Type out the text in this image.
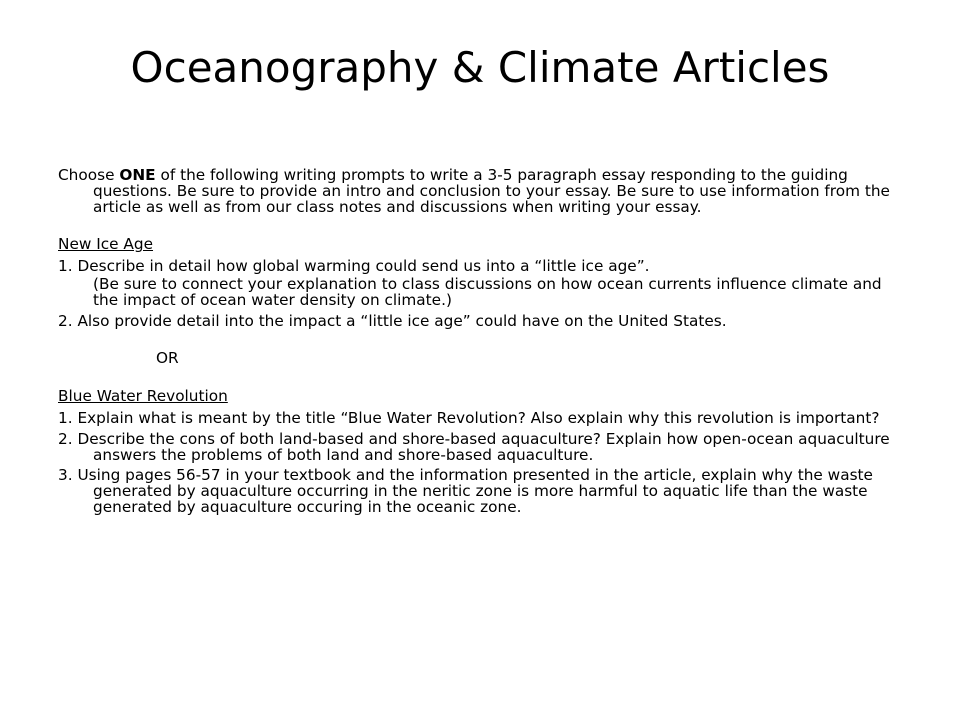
Oceanography & Climate Articles

Choose ONE of the following writing prompts to write a 3-5 paragraph essay responding to the guiding questions. Be sure to provide an intro and conclusion to your essay. Be sure to use information from the article as well as from our class notes and discussions when writing your essay.

New Ice Age

1. Describe in detail how global warming could send us into a “little ice age”.

(Be sure to connect your explanation to class discussions on how ocean currents influence climate and the impact of ocean water density on climate.)

2. Also provide detail into the impact a “little ice age” could have on the United States.

OR

Blue Water Revolution

1. Explain what is meant by the title “Blue Water Revolution? Also explain why this revolution is important?

2. Describe the cons of both land-based and shore-based aquaculture? Explain how open-ocean aquaculture answers the problems of both land and shore-based aquaculture.

3. Using pages 56-57 in your textbook and the information presented in the article, explain why the waste generated by aquaculture occurring in the neritic zone is more harmful to aquatic life than the waste generated by aquaculture occuring in the oceanic zone.
